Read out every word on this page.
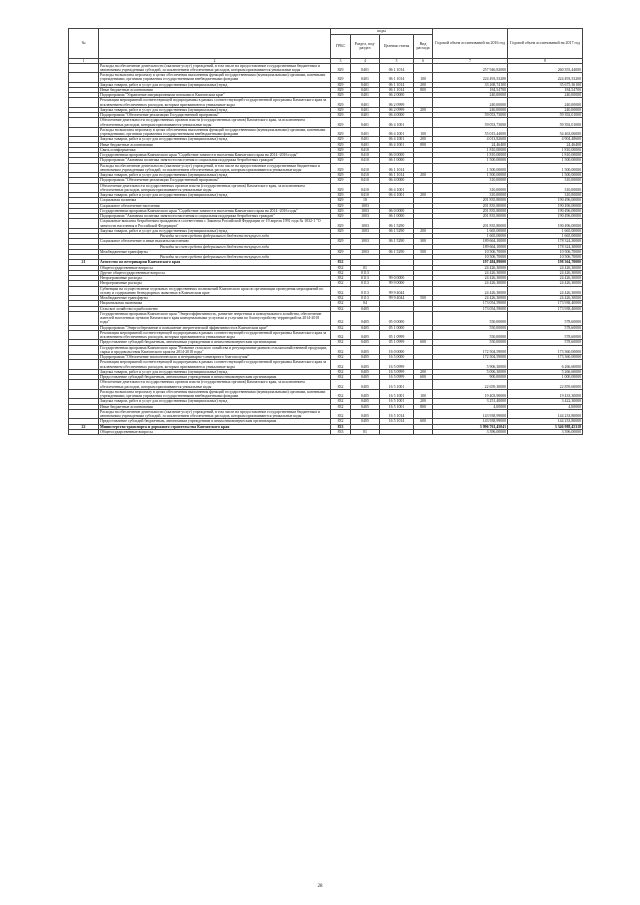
№		коды				Годовой объем ассигнований на 2016 год	Годовой объем ассигнований на 2017 год
		ГРБС	Раздел, под-раздел	Целевая статья	Вид расхода		
1	2	3	4	5	6	7	8
	Расходы на обеспечение деятельности (оказание услуг) учреждений, в том числе на предоставление государственным бюджетным и автономным учреждениям субсидий, за исключением обеспеченных расходов, которым присваивается уникальные коды	829	0401	06 1 1014		257 946,82000	260 355,44000
	Расходы на выплаты персоналу в целях обеспечения выполнения функций государственными (муниципальными) органами, казенными учреждениями, органами управления государственными внебюджетными фондами	829	0401	06 1 1014	100	224 493,53200	224 493,53200
	Закупка товаров, работ и услуг для государственных (муниципальных) нужд	829	0401	06 1 1014	200	33 268,74100	35 675,36100
	Иные бюджетные ассигнования	829	0401	06 1 1014	800	184,54700	184,54700
	Подпрограмма "Управление миграционными потоками в Камчатском крае"	829	0401	06 2 0000		240,00000	240,00000
	Реализация мероприятий соответствующей подпрограммы в рамках соответствующей государственной программы Камчатского края за исключением обеспеченных расходов, которым присваиваются уникальные коды	829	0401	06 2 0999		240,00000	240,00000
	Закупка товаров, работ и услуг для государственных (муниципальных) нужд	829	0401	06 2 0999	200	240,00000	240,00000
	Подпрограмма "Обеспечение реализации Государственной программы"	829	0401	06 4 0000		59 053,73000	59 392,01000
	Обеспечение деятельности государственных органов власти (государственных органов) Камчатского края, за исключением обеспеченных расходов, которым присваиваются уникальные коды	829	0401	06 4 1001		59 053,73000	59 392,01000
	Расходы на выплаты персоналу в целях обеспечения выполнения функций государственными (муниципальными) органами, казенными учреждениями, органами управления государственными внебюджетными фондами	829	0401	06 4 1001	100	55 015,44000	54 463,06000
	Закупка товаров, работ и услуг для государственных (муниципальных) нужд	829	0401	06 4 1001	200	4 013,82600	4 904,48600
	Иные бюджетные ассигнования	829	0401	06 4 1001	800	24,46400	24,46400
	Связь и информатика	829	0410			1 810,00000	1 810,00000
	Государственная программа Камчатского края "Содействие занятости населения Камчатского края на 2014 -2016 годы"	829	0410	06 0 0000		1 810,00000	1 810,00000
	Подпрограмма "Активная политика занятости населения и социальная поддержка безработных граждан"	829	0410	06 1 0000		1 500,00000	1 500,00000
	Расходы на обеспечение деятельности (оказание услуг) учреждений, в том числе на предоставление государственным бюджетным и автономным учреждениям субсидий, за исключением обеспеченных расходов, которым присваиваются уникальные коды	829	0410	06 1 1014		1 500,00000	1 500,00000
	Закупка товаров, работ и услуг для государственных (муниципальных) нужд	829	0410	06 1 1014	200	1 500,00000	1 500,00000
	Подпрограмма "Обеспечение реализации Государственной программы"	829	0410	06 4 0000		310,00000	310,00000
	Обеспечение деятельности государственных органов власти (государственных органов) Камчатского края, за исключением обеспеченных расходов, которым присваиваются уникальные коды	829	0410	06 4 1001		310,00000	310,00000
	Закупка товаров, работ и услуг для государственных (муниципальных) нужд	829	0410	06 4 1001	200	310,00000	310,00000
	Социальная политика	829	10			201 835,80000	190 496,00000
	Социальное обеспечение населения	829	1003			201 835,80000	190 496,00000
	Государственная программа Камчатского края "Содействие занятости населения Камчатского края на 2014 -2016 годы"	829	1003	06 0 0000		201 835,80000	190 496,00000
	Подпрограмма "Активная политика занятости населения и социальная поддержка безработных граждан"	829	1003	06 1 0000		201 835,80000	190 496,00000
	Социальные выплаты безработным гражданам в соответствии с Законом Российской Федерации от 19 апреля 1991 года № 1032-1 "О занятости населения в Российской Федерации"	829	1003	06 1 5290		201 835,80000	190 496,00000
	Закупка товаров, работ и услуг для государственных (муниципальных) нужд	829	1003	06 1 5290	200	1 665,00000	1 665,00000
	Расходы за счет средств федерального бюджета текущего года					1 665,00000	1 665,00000
	Социальное обеспечение и иные выплаты населению	829	1003	06 1 5290	300	189 664,10000	178 324,30000
	Расходы за счет средств федерального бюджета текущего года					189 664,10000	178 324,30000
	Межбюджетные трансферты	829	1003	06 1 5290	500	10 506,70000	10 506,70000
	Расходы за счет средств федерального бюджета текущего года					10 506,70000	10 506,70000
21	Агентство по ветеринарии Камчатского края	832				197 484,89000	198 364,70000
	Общегосударственные вопросы	832	01			24 426,30000	24 426,30000
	Другие общегосударственные вопросы	832	0113			24 426,30000	24 426,30000
	Непрограммные расходы	832	0113	99 0 0000		24 426,30000	24 426,30000
	Непрограммные расходы	832	0113	99 9 0000		24 426,30000	24 426,30000
	Субвенции на осуществление отдельных государственных полномочий Камчатского края по организации проведения мероприятий по отлову и содержанию безнадзорных животных в Камчатском крае	832	0113	99 9 4044		24 426,30000	24 426,30000
	Межбюджетные трансферты	832	0113	99 9 4044	500	24 426,30000	24 426,30000
	Национальная экономика	832	04			173 054,59000	173 938,40000
	Сельское хозяйство и рыболовство	832	0405			173 054,59000	173 938,40000
	Государственная программа Камчатского края "Энергоэффективность, развитие энергетики и коммунального хозяйства, обеспечение жителей населенных пунктов Камчатского края коммунальными услугами и услугами по благоустройству территорий на 2014-2018 годы"	832	0405	05 0 0000		550,00000	578,60000
	Подпрограмма "Энергосбережение и повышение энергетической эффективности в Камчатском крае"	832	0405	05 1 0000		550,00000	578,60000
	Реализация мероприятий соответствующей подпрограммы в рамках соответствующей государственной программы Камчатского края за исключением обеспеченных расходов, которым присваиваются уникальные коды	832	0405	05 1 0999		550,00000	578,60000
	Предоставление субсидий бюджетным, автономным учреждениям и иным некоммерческим организациям	832	0405	05 1 0999	600	550,00000	578,60000
	Государственная программа Камчатского края "Развитие сельского хозяйства и регулирование рынков сельскохозяйственной продукции, сырья и продовольствия Камчатского края на 2014-2018 годы"	832	0405	16 0 0000		172 504,59000	173 360,00000
	Подпрограмма "Обеспечение эпизоотического и ветеринарно-санитарного благополучия"	832	0405	16 5 0000		172 504,59000	173 360,00000
	Реализация мероприятий соответствующей подпрограммы в рамках соответствующей государственной программы Камчатского края за исключением обеспеченных расходов, которым присваиваются уникальные коды	832	0405	16 5 0999		5 906,30000	6 266,60000
	Закупка товаров, работ и услуг для государственных (муниципальных) нужд	832	0405	16 5 0999	200	5 006,30000	5 266,60000
	Предоставление субсидий бюджетным, автономным учреждениям и иным некоммерческим организациям	832	0405	16 5 0999	600	900,00000	1 000,00000
	Обеспечение деятельности государственных органов власти (государственных органов) Камчатского края, за исключением обеспеченных расходов, которым присваиваются уникальные коды	832	0405	16 5 1001		22 659,30000	22 859,60000
	Расходы на выплаты персоналу в целях обеспечения выполнения функций государственными (муниципальными) органами, казенными учреждениями, органами управления государственными внебюджетными фондами	832	0405	16 5 1001	100	19 403,90000	19 433,30000
	Закупка товаров, работ и услуг для государственных (муниципальных) нужд	832	0405	16 5 1001	200	3 251,40000	3 422,30000
	Иные бюджетные ассигнования	832	0405	16 5 1001	800	4,00000	4,00000
	Расходы на обеспечение деятельности (оказание услуг) учреждений, в том числе на предоставление государственным бюджетным и автономным учреждениям субсидий, за исключением обеспеченных расходов, которым присваиваются уникальные коды	832	0405	16 5 1014		143 938,99000	144 233,80000
	Предоставление субсидий бюджетным, автономным учреждениям и иным некоммерческим организациям	832	0405	16 5 1014	600	143 938,99000	144 233,80000
22	Министерство транспорта и дорожного строительства Камчатского края	833				3 996 761,45041	3 346 988,45318
	Общегосударственные вопросы	833	01			3 396,00000	3 396,00000
28
